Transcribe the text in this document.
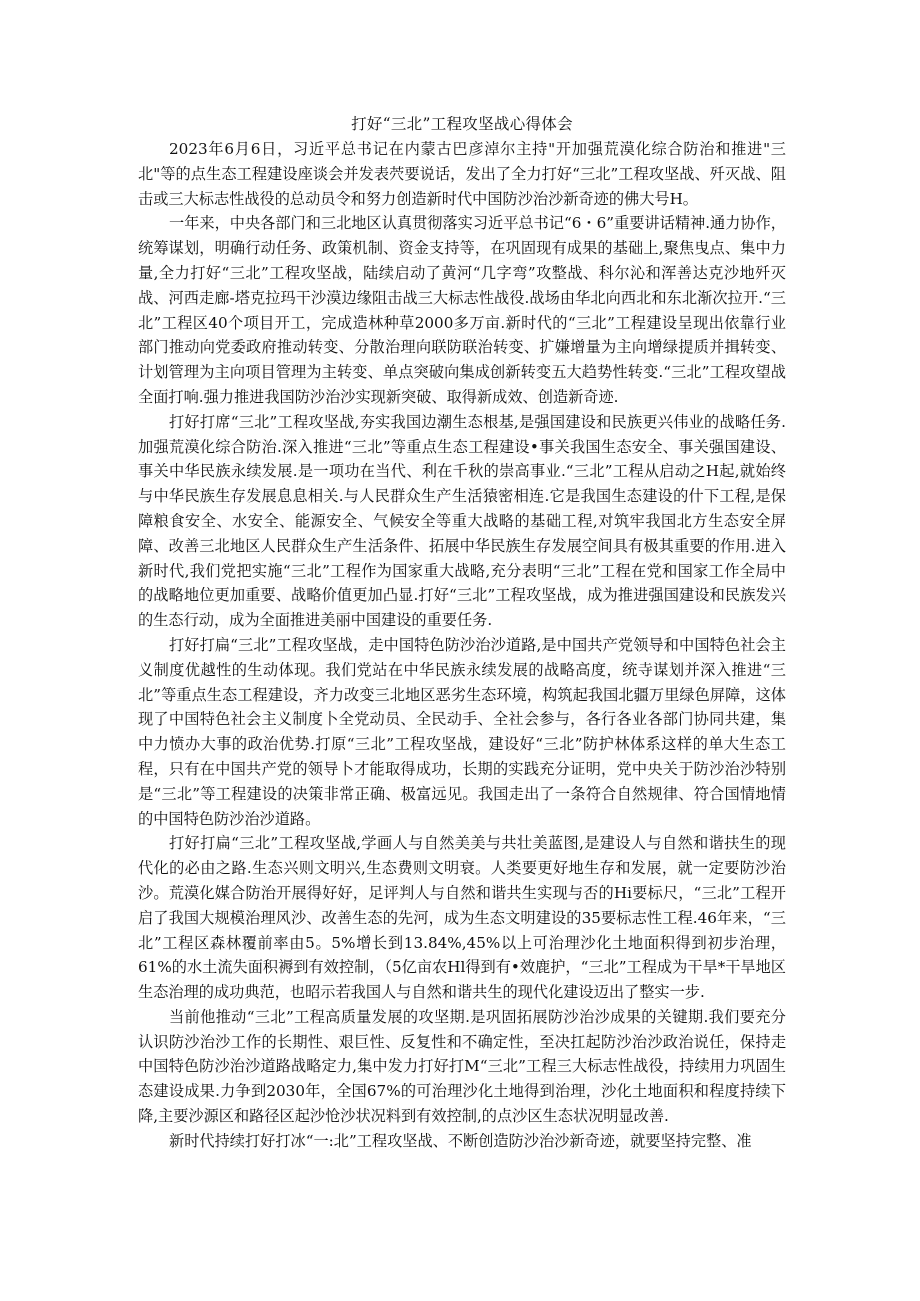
打好“三北”工程攻坚战心得体会

2023年6月6日，习近平总书记在内蒙古巴彦淖尔主持"开加强荒漠化综合防治和推进"三北"等的点生态工程建设座谈会并发表茓要说话，发出了全力打好“三北”工程攻坚战、歼灭战、阻击或三大标志性战役的总动员令和努力创造新时代中国防沙治沙新奇迹的佛大号H。

一年来，中央各部门和三北地区认真贯彻落实习近平总书记“6・6”重要讲话精神.通力协作，统筹谋划，明确行动任务、政策机制、资金支持等，在巩固现有成果的基础上,聚焦曳点、集中力量,全力打好“三北”工程攻坚战，陆续启动了黄河“几字弯”攻整战、科尔沁和浑善达克沙地歼灭战、河西走廊-塔克拉玛干沙漠边缘阻击战三大标志性战役.战场由华北向西北和东北渐次拉开.“三北”工程区40个项目开工，完成造林种草2000多万亩.新时代的“三北”工程建设呈现出依靠行业部门推动向党委政府推动转变、分散治理向联防联治转变、扩嫌增量为主向增绿提质并揖转变、计划管理为主向项目管理为主转变、单点突破向集成创新转变五大趋势性转变.“三北”工程攻望战全面打响.强力推进我国防沙治沙实现新突破、取得新成效、创造新奇迹.

打好打席“三北”工程攻坚战,夯实我国边潮生态根基,是强国建设和民族更兴伟业的战略任务.加强荒漠化综合防治.深入推进“三北”等重点生态工程建设•事关我国生态安全、事关强国建设、事关中华民族永续发展.是一项功在当代、利在千秋的崇高事业.“三北”工程从启动之H起,就始终与中华民族生存发展息息相关.与人民群众生产生活猿密相连.它是我国生态建设的什下工程,是保障粮食安全、水安全、能源安全、气候安全等重大战略的基础工程,对筑牢我国北方生态安全屏障、改善三北地区人民群众生产生活条件、拓展中华民族生存发展空间具有极其重要的作用.进入新时代,我们党把实施“三北”工程作为国家重大战略,充分表明“三北”工程在党和国家工作全局中的战略地位更加重要、战略价值更加凸显.打好“三北”工程攻坚战，成为推进强国建设和民族发兴的生态行动，成为全面推进美丽中国建设的重要任务.

打好打扁“三北”工程攻坚战，走中国特色防沙治沙道路,是中国共产党领导和中国特色社会主义制度优越性的生动体现。我们党站在中华民族永续发展的战略高度，统寺谋划并深入推进“三北”等重点生态工程建设，齐力改变三北地区恶劣生态环境，构筑起我国北疆万里绿色屏障，这体现了中国特色社会主义制度卜全党动员、全民动手、全社会参与，各行各业各部门协同共建，集中力愤办大事的政治优势.打原“三北”工程攻坚战，建设好“三北”防护林体系这样的单大生态工程，只有在中国共产党的领导卜才能取得成功，长期的实践充分证明，党中央关于防沙治沙特别是“三北”等工程建设的决策非常正确、极富远见。我国走出了一条符合自然规律、符合国情地情的中国特色防沙治沙道路。

打好打扁“三北”工程攻坚战,学画人与自然美美与共壮美蓝图,是建设人与自然和谐扶生的现代化的必由之路.生态兴则文明兴,生态费则文明衰。人类要更好地生存和发展，就一定要防沙治沙。荒漠化媒合防治开展得好好，足评判人与自然和谐共生实现与否的Hi要标尺，“三北”工程开启了我国大规模治理风沙、改善生态的先河，成为生态文明建设的35要标志性工程.46年来，“三北”工程区森林覆前率由5。5%增长到13.84%,45%以上可治理沙化土地面积得到初步治理，61%的水土流失面积褥到有效控制，（5亿亩农Hl得到有•效鹿护，“三北”工程成为干旱*干旱地区生态治理的成功典范，也昭示若我国人与自然和谐共生的现代化建设迈出了整实一步.

当前他推动“三北”工程高质量发展的攻坚期.是巩固拓展防沙治沙成果的关键期.我们要充分认识防沙治沙工作的长期性、艰巨性、反复性和不确定性，至决扛起防沙治沙政治说任，保持走中国特色防沙治沙道路战略定力,集中发力打好打M“三北”工程三大标志性战役，持续用力巩固生态建设成果.力争到2030年，全国67%的可治理沙化土地得到治理，沙化土地面积和程度持续下降,主要沙源区和路径区起沙怆沙状况料到有效控制,的点沙区生态状况明显改善.

新时代持续打好打冰“一:北”工程攻坚战、不断创造防沙治沙新奇迹，就要坚持完整、准
